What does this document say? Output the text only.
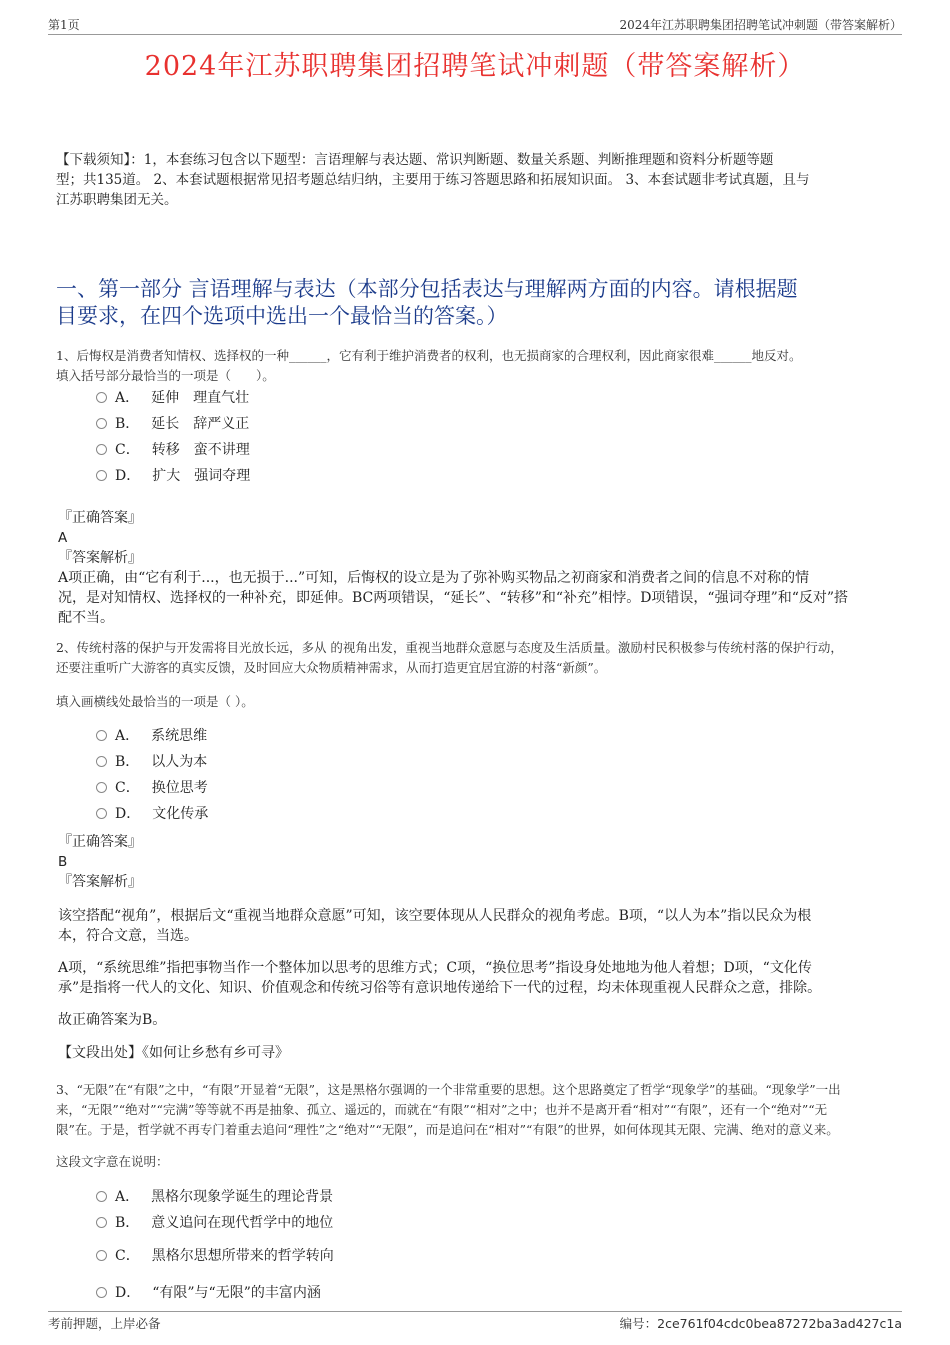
第1页	2024年江苏职聘集团招聘笔试冲刺题（带答案解析）
2024年江苏职聘集团招聘笔试冲刺题（带答案解析）
【下载须知】：1，本套练习包含以下题型：言语理解与表达题、常识判断题、数量关系题、判断推理题和资料分析题等题
型；共135道。 2、本套试题根据常见招考题总结归纳，主要用于练习答题思路和拓展知识面。 3、本套试题非考试真题，且与
江苏职聘集团无关。
一、第一部分 言语理解与表达（本部分包括表达与理解两方面的内容。请根据题
目要求，在四个选项中选出一个最恰当的答案。）
1、后悔权是消费者知情权、选择权的一种______，它有利于维护消费者的权利，也无损商家的合理权利，因此商家很难______地反对。
填入括号部分最恰当的一项是（　　）。
A． 延伸　理直气壮
B． 延长　辞严义正
C． 转移　蛮不讲理
D． 扩大　强词夺理
『正确答案』
A
『答案解析』
A项正确，由“它有利于...，也无损于...”可知，后悔权的设立是为了弥补购买物品之初商家和消费者之间的信息不对称的情
况，是对知情权、选择权的一种补充，即延伸。BC两项错误，“延长”、“转移”和“补充”相悖。D项错误，“强词夺理”和“反对”搭
配不当。
2、传统村落的保护与开发需将目光放长远，多从 的视角出发，重视当地群众意愿与态度及生活质量。激励村民积极参与传统村落的保护行动，
还要注重听广大游客的真实反馈，及时回应大众物质精神需求，从而打造更宜居宜游的村落“新颜”。
填入画横线处最恰当的一项是（ ）。
A． 系统思维
B． 以人为本
C． 换位思考
D． 文化传承
『正确答案』
B
『答案解析』
该空搭配“视角”，根据后文“重视当地群众意愿”可知，该空要体现从人民群众的视角考虑。B项，“以人为本”指以民众为根
本，符合文意，当选。
A项，“系统思维”指把事物当作一个整体加以思考的思维方式；C项，“换位思考”指设身处地地为他人着想；D项，“文化传
承”是指将一代人的文化、知识、价值观念和传统习俗等有意识地传递给下一代的过程，均未体现重视人民群众之意，排除。
故正确答案为B。
【文段出处】《如何让乡愁有乡可寻》
3、“无限”在“有限”之中，“有限”开显着“无限”，这是黑格尔强调的一个非常重要的思想。这个思路奠定了哲学“现象学”的基础。“现象学”一出
来，“无限”“绝对”“完满”等等就不再是抽象、孤立、遥远的，而就在“有限”“相对”之中；也并不是离开看“相对”“有限”，还有一个“绝对”“无
限”在。于是，哲学就不再专门着重去追问“理性”之“绝对”“无限”，而是追问在“相对”“有限”的世界，如何体现其无限、完满、绝对的意义来。
这段文字意在说明：
A． 黑格尔现象学诞生的理论背景
B． 意义追问在现代哲学中的地位
C． 黑格尔思想所带来的哲学转向
D． “有限”与“无限”的丰富内涵
考前押题，上岸必备	编号：2ce761f04cdc0bea87272ba3ad427c1a
